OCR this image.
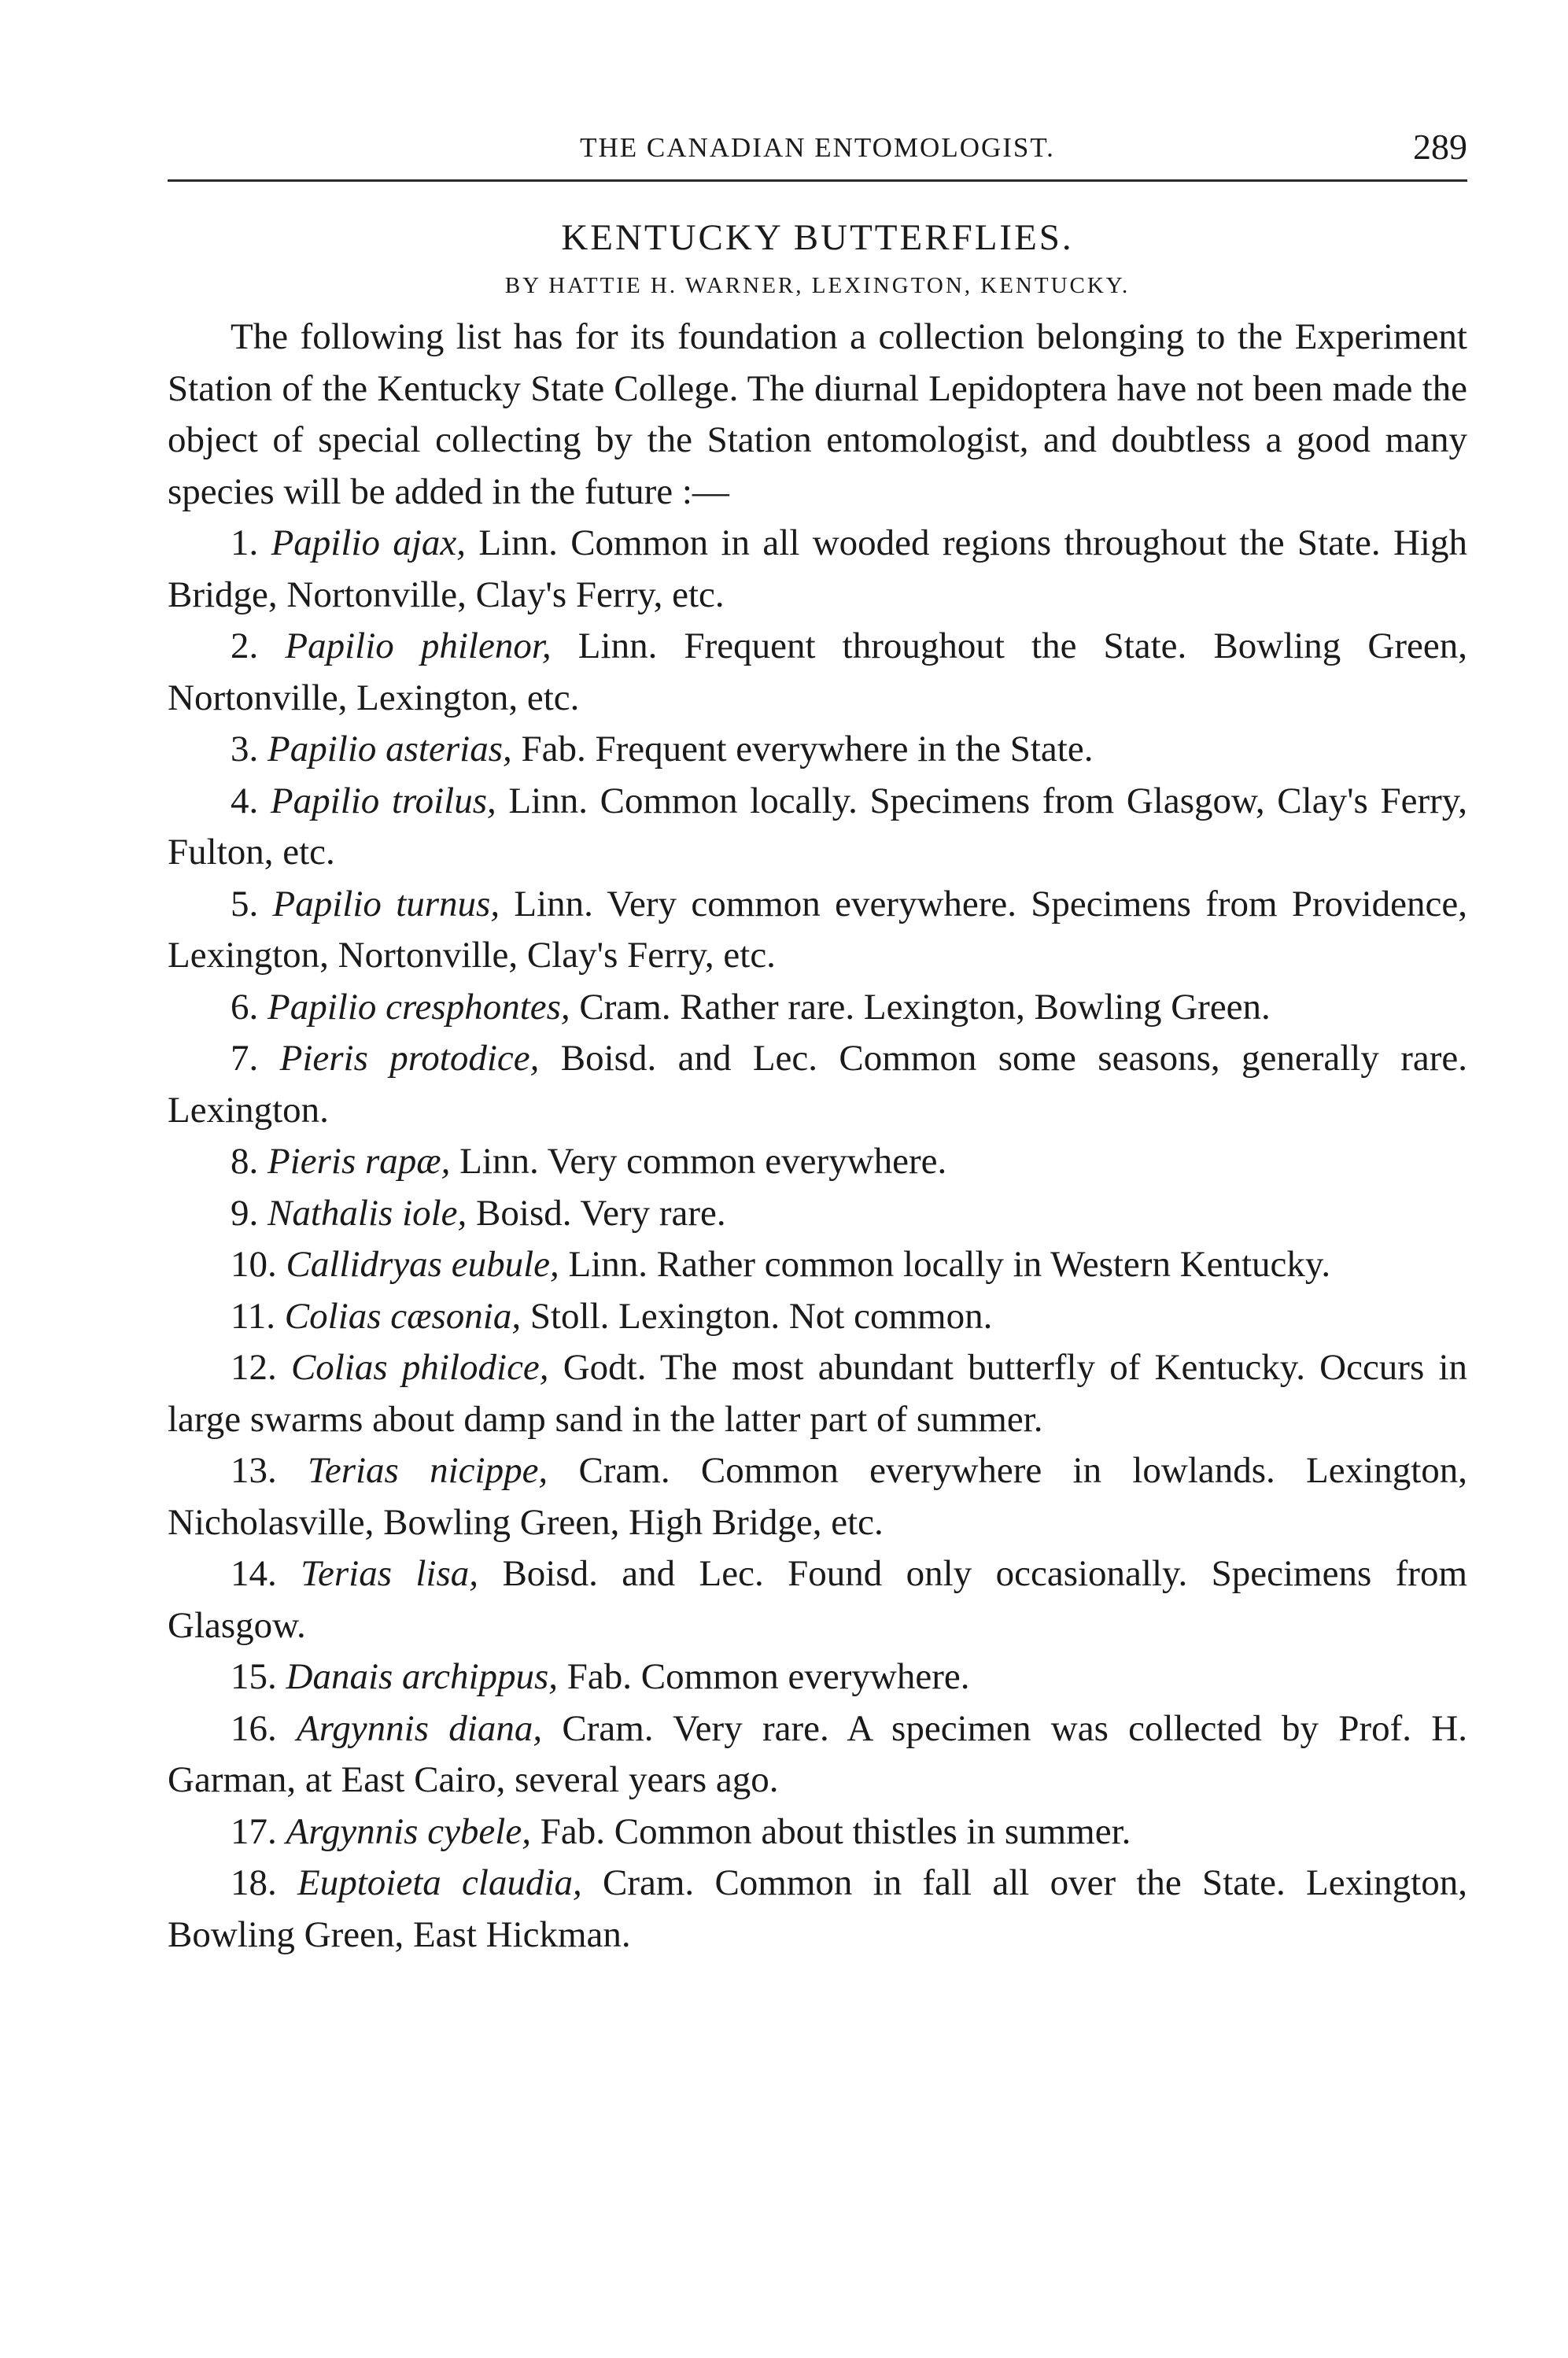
THE CANADIAN ENTOMOLOGIST.	289
KENTUCKY BUTTERFLIES.
BY HATTIE H. WARNER, LEXINGTON, KENTUCKY.

The following list has for its foundation a collection belonging to the Experiment Station of the Kentucky State College. The diurnal Lepidoptera have not been made the object of special collecting by the Station entomologist, and doubtless a good many species will be added in the future :—

1. Papilio ajax, Linn. Common in all wooded regions throughout the State. High Bridge, Nortonville, Clay's Ferry, etc.

2. Papilio philenor, Linn. Frequent throughout the State. Bowling Green, Nortonville, Lexington, etc.

3. Papilio asterias, Fab. Frequent everywhere in the State.

4. Papilio troilus, Linn. Common locally. Specimens from Glasgow, Clay's Ferry, Fulton, etc.

5. Papilio turnus, Linn. Very common everywhere. Specimens from Providence, Lexington, Nortonville, Clay's Ferry, etc.

6. Papilio cresphontes, Cram. Rather rare. Lexington, Bowling Green.

7. Pieris protodice, Boisd. and Lec. Common some seasons, generally rare. Lexington.

8. Pieris rapæ, Linn. Very common everywhere.

9. Nathalis iole, Boisd. Very rare.

10. Callidryas eubule, Linn. Rather common locally in Western Kentucky.

11. Colias cæsonia, Stoll. Lexington. Not common.

12. Colias philodice, Godt. The most abundant butterfly of Kentucky. Occurs in large swarms about damp sand in the latter part of summer.

13. Terias nicippe, Cram. Common everywhere in lowlands. Lexington, Nicholasville, Bowling Green, High Bridge, etc.

14. Terias lisa, Boisd. and Lec. Found only occasionally. Specimens from Glasgow.

15. Danais archippus, Fab. Common everywhere.

16. Argynnis diana, Cram. Very rare. A specimen was collected by Prof. H. Garman, at East Cairo, several years ago.

17. Argynnis cybele, Fab. Common about thistles in summer.

18. Euptoieta claudia, Cram. Common in fall all over the State. Lexington, Bowling Green, East Hickman.
